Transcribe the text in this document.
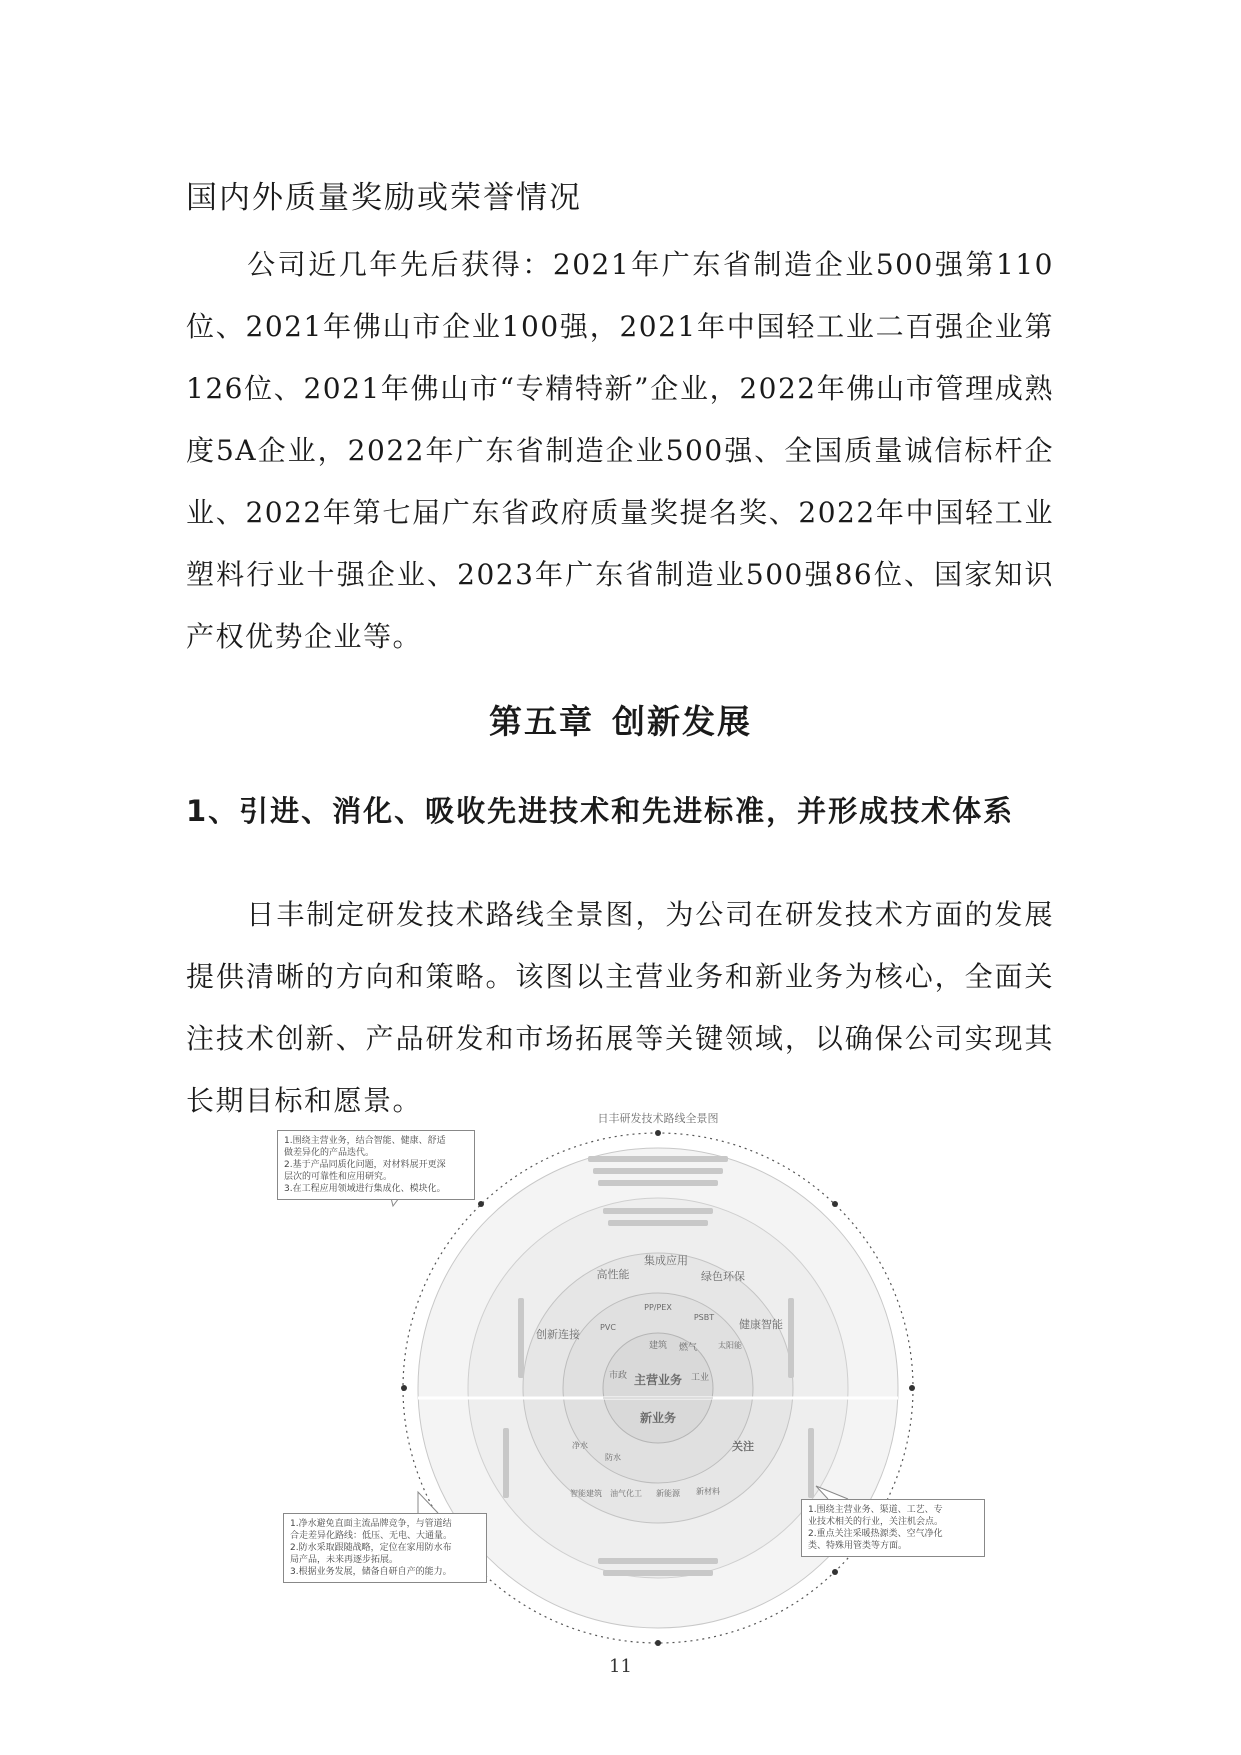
国内外质量奖励或荣誉情况

公司近几年先后获得：2021年广东省制造企业500强第110位、2021年佛山市企业100强，2021年中国轻工业二百强企业第126位、2021年佛山市“专精特新”企业，2022年佛山市管理成熟度5A企业，2022年广东省制造企业500强、全国质量诚信标杆企业、2022年第七届广东省政府质量奖提名奖、2022年中国轻工业塑料行业十强企业、2023年广东省制造业500强86位、国家知识产权优势企业等。

第五章 创新发展
1、引进、消化、吸收先进技术和先进标准，并形成技术体系

日丰制定研发技术路线全景图，为公司在研发技术方面的发展提供清晰的方向和策略。该图以主营业务和新业务为核心，全面关注技术创新、产品研发和市场拓展等关键领域，以确保公司实现其长期目标和愿景。

日丰研发技术路线全景图
主营业务
新业务
高性能
集成应用
绿色环保
健康智能
创新连接
关注
建筑
市政	工业
燃气
PP/PEX
PVC
PSBT
太阳能
智能建筑 油气化工 新能源 新材料
净水
防水
1.围绕主营业务，结合智能、健康、舒适
做差异化的产品迭代。
2.基于产品同质化问题，对材料展开更深
层次的可靠性和应用研究。
3.在工程应用领域进行集成化、模块化。
1.净水避免直面主流品牌竞争，与管道结
合走差异化路线：低压、无电、大通量。
2.防水采取跟随战略，定位在家用防水布
局产品，未来再逐步拓展。
3.根据业务发展，储备自研自产的能力。
1.围绕主营业务、渠道、工艺、专
业技术相关的行业，关注机会点。
2.重点关注采暖热源类、空气净化
类、特殊用管类等方面。
11
